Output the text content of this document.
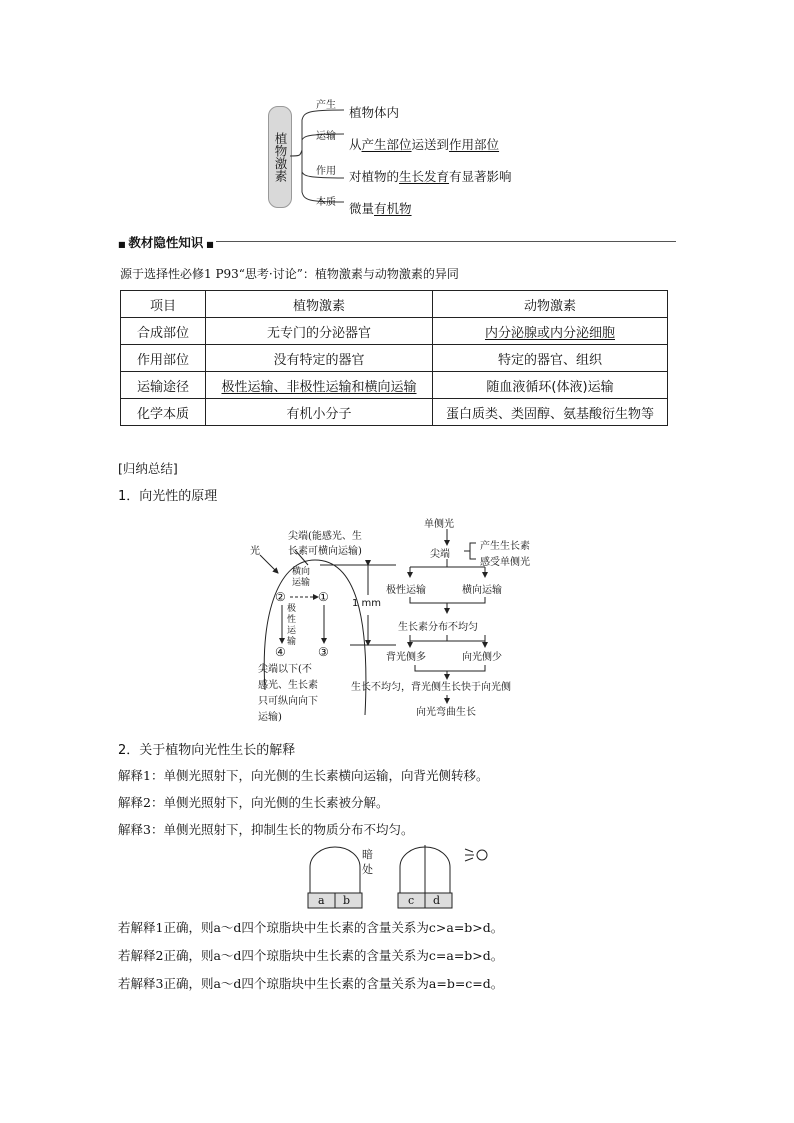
植物激素
产生
运输
作用
本质
植物体内
从产生部位运送到作用部位
对植物的生长发育有显著影响
微量有机物
■ 教材隐性知识 ■
源于选择性必修1 P93“思考·讨论”：植物激素与动物激素的异同
项目	植物激素	动物激素
合成部位	无专门的分泌器官	内分泌腺或内分泌细胞
作用部位	没有特定的器官	特定的器官、组织
运输途径	极性运输、非极性运输和横向运输	随血液循环(体液)运输
化学本质	有机小分子	蛋白质类、类固醇、氨基酸衍生物等
[归纳总结]
1．向光性的原理
光
尖端(能感光、生
长素可横向运输)
横向
运输
极
性
运
输
②	①
④	③
1 mm
尖端以下(不
感光、生长素
只可纵向向下
运输)
单侧光
尖端
产生生长素
感受单侧光
极性运输	横向运输
生长素分布不均匀
背光侧多	向光侧少
生长不均匀，背光侧生长快于向光侧
向光弯曲生长
2．关于植物向光性生长的解释
解释1：单侧光照射下，向光侧的生长素横向运输，向背光侧转移。
解释2：单侧光照射下，向光侧的生长素被分解。
解释3：单侧光照射下，抑制生长的物质分布不均匀。
a b	c d
暗处
若解释1正确，则a～d四个琼脂块中生长素的含量关系为c>a=b>d。
若解释2正确，则a～d四个琼脂块中生长素的含量关系为c=a=b>d。
若解释3正确，则a～d四个琼脂块中生长素的含量关系为a=b=c=d。
